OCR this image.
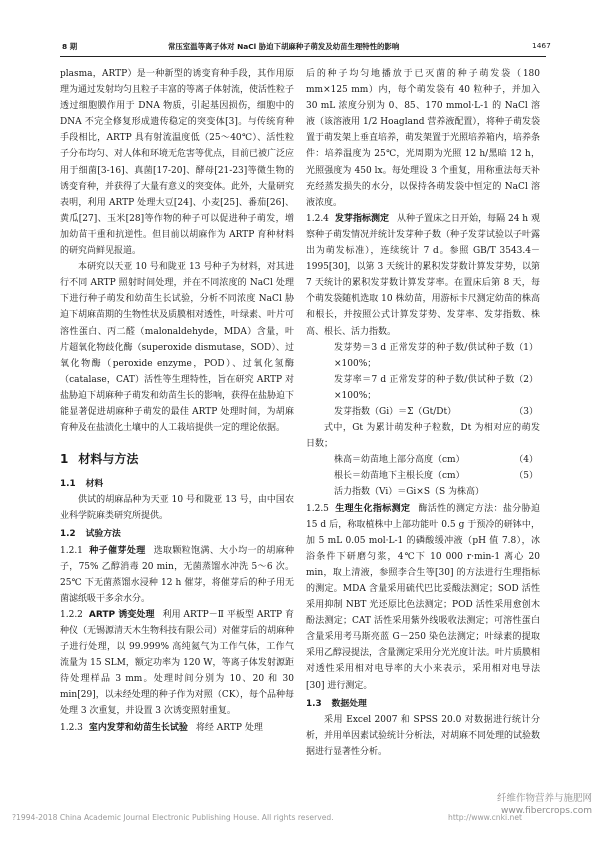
8 期	常压室温等离子体对 NaCl 胁迫下胡麻种子萌发及幼苗生理特性的影响	1467

plasma，ARTP）是一种新型的诱变育种手段，其作用原理为通过发射均匀且粒子丰富的等离子体射流，使活性粒子透过细胞膜作用于 DNA 物质，引起基因损伤，细胞中的 DNA 不完全修复形成遗传稳定的突变体[3]。与传统育种手段相比，ARTP 具有射流温度低（25～40℃）、活性粒子分布均匀、对人体和环境无危害等优点，目前已被广泛应用于细菌[3-16]、真菌[17-20]、酵母[21-23]等微生物的诱变育种，并获得了大量有意义的突变体。此外，大量研究表明，利用 ARTP 处理大豆[24]、小麦[25]、番茄[26]、黄瓜[27]、玉米[28]等作物的种子可以促进种子萌发，增加幼苗干重和抗逆性。但目前以胡麻作为 ARTP 育种材料的研究尚鲜见报道。

本研究以天亚 10 号和陇亚 13 号种子为材料，对其进行不同 ARTP 照射时间处理，并在不同浓度的 NaCl 处理下进行种子萌发和幼苗生长试验，分析不同浓度 NaCl 胁迫下胡麻苗期的生物性状及质膜相对透性，叶绿素、叶片可溶性蛋白、丙二醛（malonaldehyde，MDA）含量，叶片超氧化物歧化酶（superoxide dismutase，SOD）、过氧化物酶（peroxide enzyme，POD）、过氧化氢酶（catalase，CAT）活性等生理特性，旨在研究 ARTP 对盐胁迫下胡麻种子萌发和幼苗生长的影响，获得在盐胁迫下能显著促进胡麻种子萌发的最佳 ARTP 处理时间，为胡麻育种及在盐渍化土壤中的人工栽培提供一定的理论依据。

1 材料与方法
1.1 材料

供试的胡麻品种为天亚 10 号和陇亚 13 号，由中国农业科学院麻类研究所提供。

1.2 试验方法

1.2.1 种子催芽处理 选取颗粒饱满、大小均一的胡麻种子，75% 乙醇消毒 20 min，无菌蒸馏水冲洗 5～6 次。25℃ 下无菌蒸馏水浸种 12 h 催芽，将催芽后的种子用无菌滤纸吸干多余水分。

1.2.2 ARTP 诱变处理 利用 ARTP－Ⅱ 平板型 ARTP 育种仪（无锡源清天木生物科技有限公司）对催芽后的胡麻种子进行处理，以 99.999% 高纯氦气为工作气体，工作气流量为 15 SLM，额定功率为 120 W，等离子体发射源距待处理样品 3 mm。处理时间分别为 10、20 和 30 min[29]，以未经处理的种子作为对照（CK），每个品种每处理 3 次重复，并设置 3 次诱变照射重复。

1.2.3 室内发芽和幼苗生长试验 将经 ARTP 处理

后的种子均匀地播放于已灭菌的种子萌发袋（180 mm×125 mm）内，每个萌发袋有 40 粒种子，并加入 30 mL 浓度分别为 0、85、170 mmol·L-1 的 NaCl 溶液（该溶液用 1/2 Hoagland 营养液配置），将种子萌发袋置于萌发架上垂直培养，萌发架置于光照培养箱内，培养条件：培养温度为 25℃，光周期为光照 12 h/黑暗 12 h，光照强度为 450 lx。每处理设 3 个重复，用称重法每天补充经蒸发损失的水分，以保持各萌发袋中恒定的 NaCl 溶液浓度。

1.2.4 发芽指标测定 从种子置床之日开始，每隔 24 h 观察种子萌发情况并统计发芽种子数（种子发芽试验以子叶露出为萌发标准），连续统计 7 d。参照 GB/T 3543.4－1995[30]，以第 3 天统计的累积发芽数计算发芽势，以第 7 天统计的累积发芽数计算发芽率。在置床后第 8 天，每个萌发袋随机选取 10 株幼苗，用游标卡尺测定幼苗的株高和根长，并按照公式计算发芽势、发芽率、发芽指数、株高、根长、活力指数。

发芽势＝3 d 正常发芽的种子数/供试种子数×100%；
（1）
发芽率＝7 d 正常发芽的种子数/供试种子数×100%；
（2）
发芽指数（Gi）＝Σ（Gt/Dt）	（3）

式中，Gt 为累计萌发种子粒数，Dt 为相对应的萌发日数；

株高＝幼苗地上部分高度（cm）	（4）
根长＝幼苗地下主根长度（cm）	（5）
活力指数（Vi）＝Gi×S（S 为株高）

1.2.5 生理生化指标测定 酶活性的测定方法：盐分胁迫 15 d 后，称取植株中上部功能叶 0.5 g 于预冷的研钵中，加 5 mL 0.05 mol·L-1 的磷酸缓冲液（pH 值 7.8），冰浴条件下研磨匀浆，4℃下 10 000 r·min-1 离心 20 min，取上清液，参照李合生等[30] 的方法进行生理指标的测定。MDA 含量采用硫代巴比妥酸法测定；SOD 活性采用抑制 NBT 光还原比色法测定；POD 活性采用愈创木酚法测定；CAT 活性采用紫外线吸收法测定；可溶性蛋白含量采用考马斯亮蓝 G－250 染色法测定；叶绿素的提取采用乙醇浸提法，含量测定采用分光光度计法。叶片质膜相对透性采用相对电导率的大小来表示，采用相对电导法[30] 进行测定。

1.3 数据处理

采用 Excel 2007 和 SPSS 20.0 对数据进行统计分析，并用单因素试验统计分析法，对胡麻不同处理的试验数据进行显著性分析。

纤维作物营养与施肥网
www.fibercrops.com
?1994-2018 China Academic Journal Electronic Publishing House. All rights reserved.	http://www.cnki.net
